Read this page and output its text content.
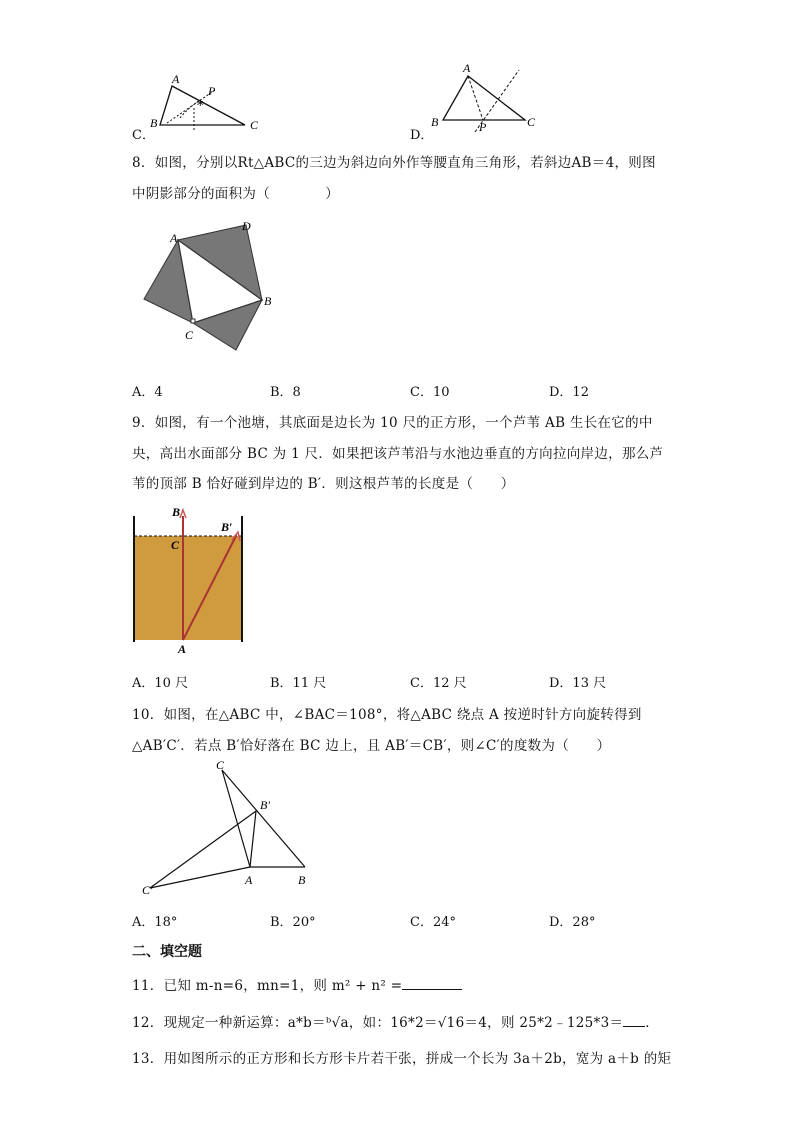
C．
*
A
B	C
P
D．
A
B	C
P
8．如图，分别以Rt△ABC的三边为斜边向外作等腰直角三角形，若斜边AB＝4，则图
中阴影部分的面积为（　　　　）
A
D
B
C
A．4	B．8	C．10	D．12
9．如图，有一个池塘，其底面是边长为 10 尺的正方形，一个芦苇 AB 生长在它的中
央，高出水面部分 BC 为 1 尺．如果把该芦苇沿与水池边垂直的方向拉向岸边，那么芦
苇的顶部 B 恰好碰到岸边的 B′．则这根芦苇的长度是（　　）
B
B′
C
A
A．10 尺	B．11 尺	C．12 尺	D．13 尺
10．如图，在△ABC 中，∠BAC＝108°，将△ABC 绕点 A 按逆时针方向旋转得到
△AB′C′．若点 B′恰好落在 BC 边上，且 AB′＝CB′，则∠C′的度数为（　　）
C
B′
C′
A	B
A．18°	B．20°	C．24°	D．28°
二、填空题
11．已知 m-n=6，mn=1，则 m² + n² =
12．现规定一种新运算：a*b＝ᵇ√a，如：16*2＝√16＝4，则 25*2﹣125*3＝ ．
13．用如图所示的正方形和长方形卡片若干张，拼成一个长为 3a＋2b，宽为 a＋b 的矩
